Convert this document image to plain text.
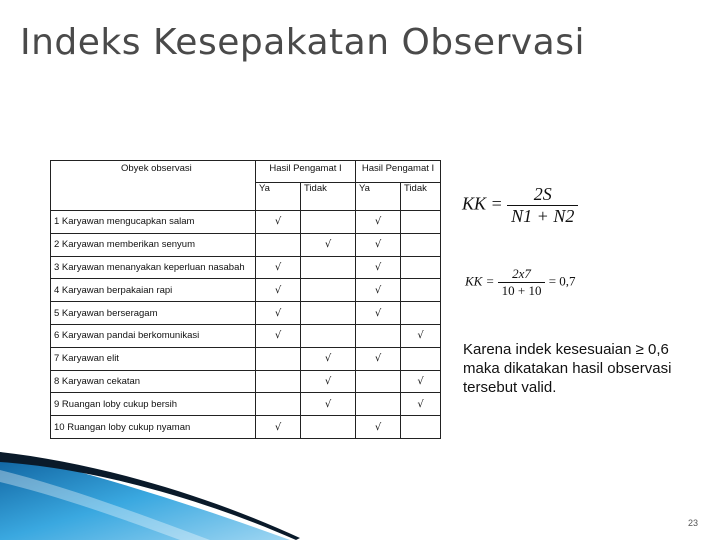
Indeks Kesepakatan Observasi
Obyek observasi	Hasil Pengamat I		Hasil Pengamat I	
	Ya	Tidak	Ya	Tidak
1 Karyawan mengucapkan salam	√		√	
2 Karyawan memberikan senyum		√	√	
3 Karyawan menanyakan keperluan nasabah	√		√	
4 Karyawan berpakaian rapi	√		√	
5 Karyawan berseragam	√		√	
6 Karyawan pandai berkomunikasi	√			√
7 Karyawan elit		√	√	
8 Karyawan cekatan		√		√
9 Ruangan loby cukup bersih		√		√
10 Ruangan loby cukup nyaman	√		√	
KK = $\frac{2S}{N1 + N2}$
KK = $\frac{2x7}{10 + 10} = 0,7$
Karena indek kesesuaian ≥ 0,6 maka dikatakan hasil observasi tersebut valid.
23
